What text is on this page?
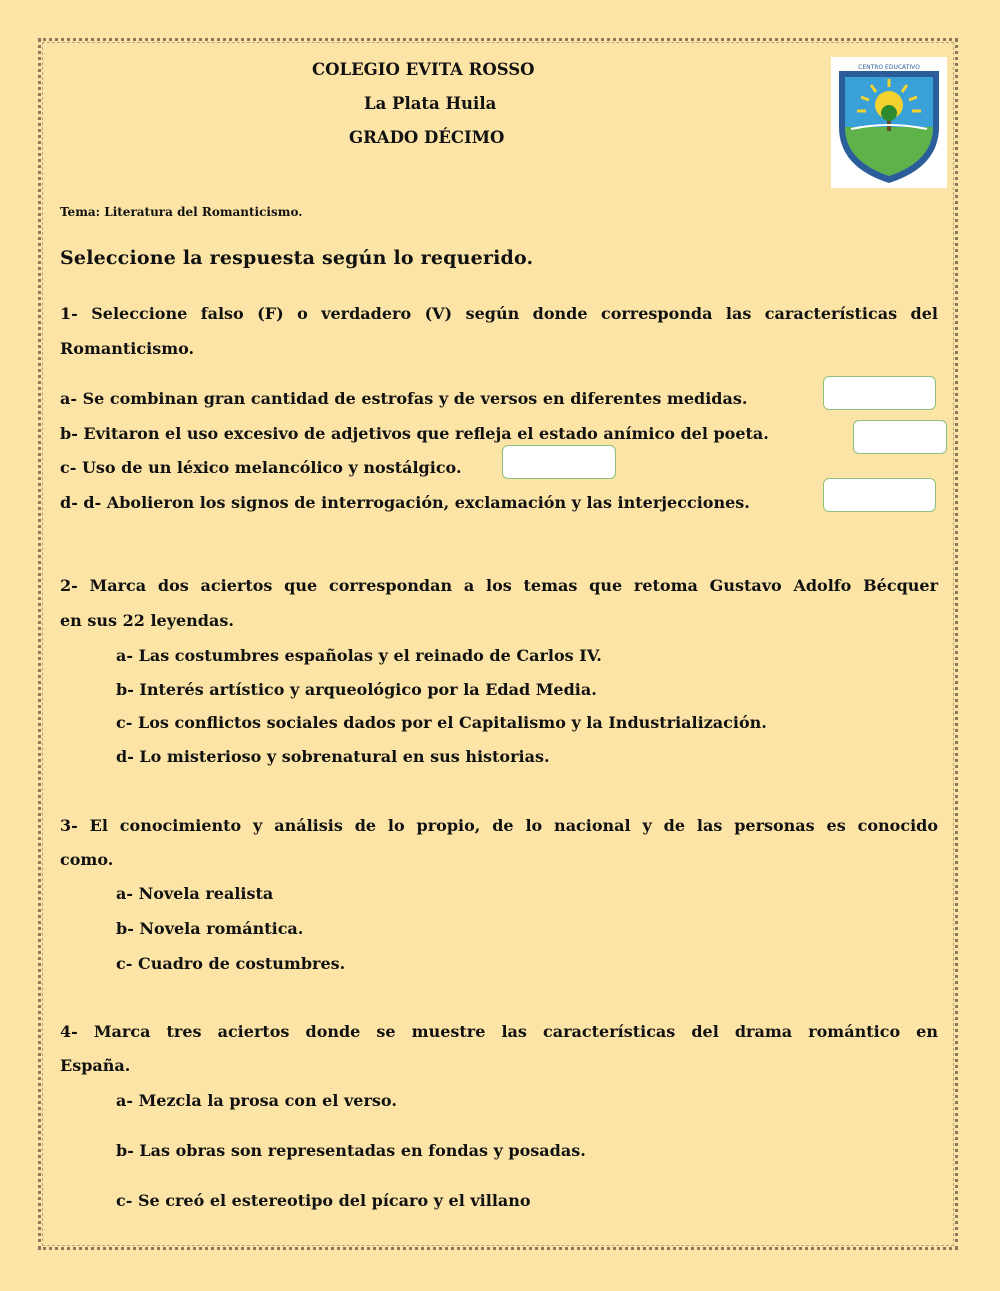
COLEGIO EVITA ROSSO
La Plata Huila
GRADO DÉCIMO
CENTRO EDUCATIVO
Tema: Literatura del Romanticismo.
Seleccione la respuesta según lo requerido.
1- Seleccione falso (F) o verdadero (V) según donde corresponda las características del
Romanticismo.
a- Se combinan gran cantidad de estrofas y de versos en diferentes medidas.
b- Evitaron el uso excesivo de adjetivos que refleja el estado anímico del poeta.
c- Uso de un léxico melancólico y nostálgico.
d- d- Abolieron los signos de interrogación, exclamación y las interjecciones.
2- Marca dos aciertos que correspondan a los temas que retoma Gustavo Adolfo Bécquer
en sus 22 leyendas.
a- Las costumbres españolas y el reinado de Carlos IV.
b- Interés artístico y arqueológico por la Edad Media.
c- Los conflictos sociales dados por el Capitalismo y la Industrialización.
d- Lo misterioso y sobrenatural en sus historias.
3- El conocimiento y análisis de lo propio, de lo nacional y de las personas es conocido
como.
a- Novela realista
b- Novela romántica.
c- Cuadro de costumbres.
4- Marca tres aciertos donde se muestre las características del drama romántico en
España.
a- Mezcla la prosa con el verso.
b- Las obras son representadas en fondas y posadas.
c- Se creó el estereotipo del pícaro y el villano
